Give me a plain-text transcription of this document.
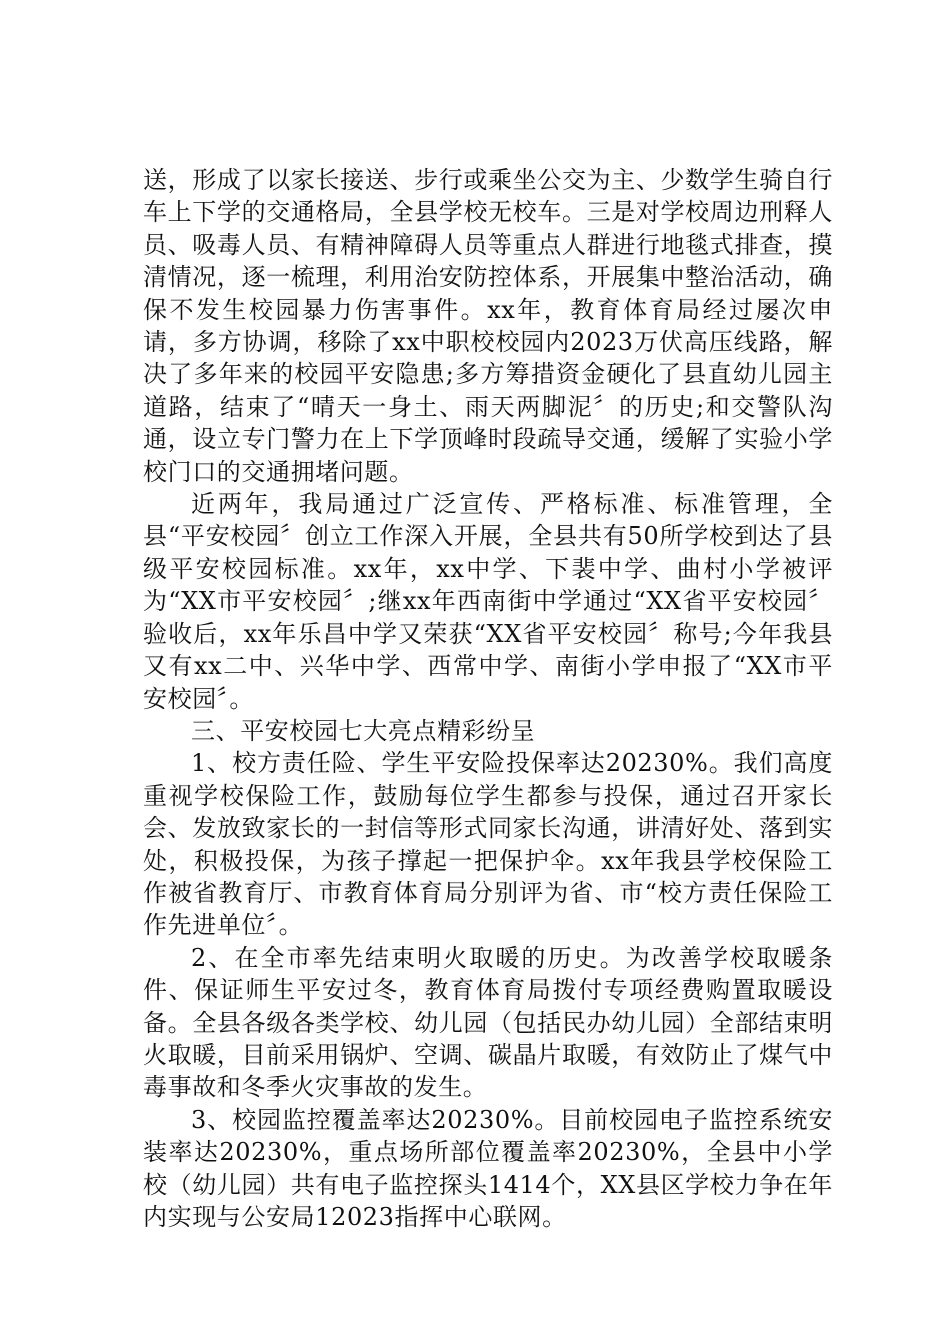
送，形成了以家长接送、步行或乘坐公交为主、少数学生骑自行车上下学的交通格局，全县学校无校车。三是对学校周边刑释人员、吸毒人员、有精神障碍人员等重点人群进行地毯式排查，摸清情况，逐一梳理，利用治安防控体系，开展集中整治活动，确保不发生校园暴力伤害事件。xx年，教育体育局经过屡次申请，多方协调，移除了xx中职校校园内2023万伏高压线路，解决了多年来的校园平安隐患;多方筹措资金硬化了县直幼儿园主道路，结束了“晴天一身土、雨天两脚泥〞的历史;和交警队沟通，设立专门警力在上下学顶峰时段疏导交通，缓解了实验小学校门口的交通拥堵问题。

近两年，我局通过广泛宣传、严格标准、标准管理，全县“平安校园〞创立工作深入开展，全县共有50所学校到达了县级平安校园标准。xx年，xx中学、下裴中学、曲村小学被评为“XX市平安校园〞;继xx年西南街中学通过“XX省平安校园〞验收后，xx年乐昌中学又荣获“XX省平安校园〞称号;今年我县又有xx二中、兴华中学、西常中学、南街小学申报了“XX市平安校园〞。

三、平安校园七大亮点精彩纷呈

1、校方责任险、学生平安险投保率达20230%。我们高度重视学校保险工作，鼓励每位学生都参与投保，通过召开家长会、发放致家长的一封信等形式同家长沟通，讲清好处、落到实处，积极投保，为孩子撑起一把保护伞。xx年我县学校保险工作被省教育厅、市教育体育局分别评为省、市“校方责任保险工作先进单位〞。

2、在全市率先结束明火取暖的历史。为改善学校取暖条件、保证师生平安过冬，教育体育局拨付专项经费购置取暖设备。全县各级各类学校、幼儿园（包括民办幼儿园）全部结束明火取暖，目前采用锅炉、空调、碳晶片取暖，有效防止了煤气中毒事故和冬季火灾事故的发生。

3、校园监控覆盖率达20230%。目前校园电子监控系统安装率达20230%，重点场所部位覆盖率20230%，全县中小学校（幼儿园）共有电子监控探头1414个，XX县区学校力争在年内实现与公安局12023指挥中心联网。
